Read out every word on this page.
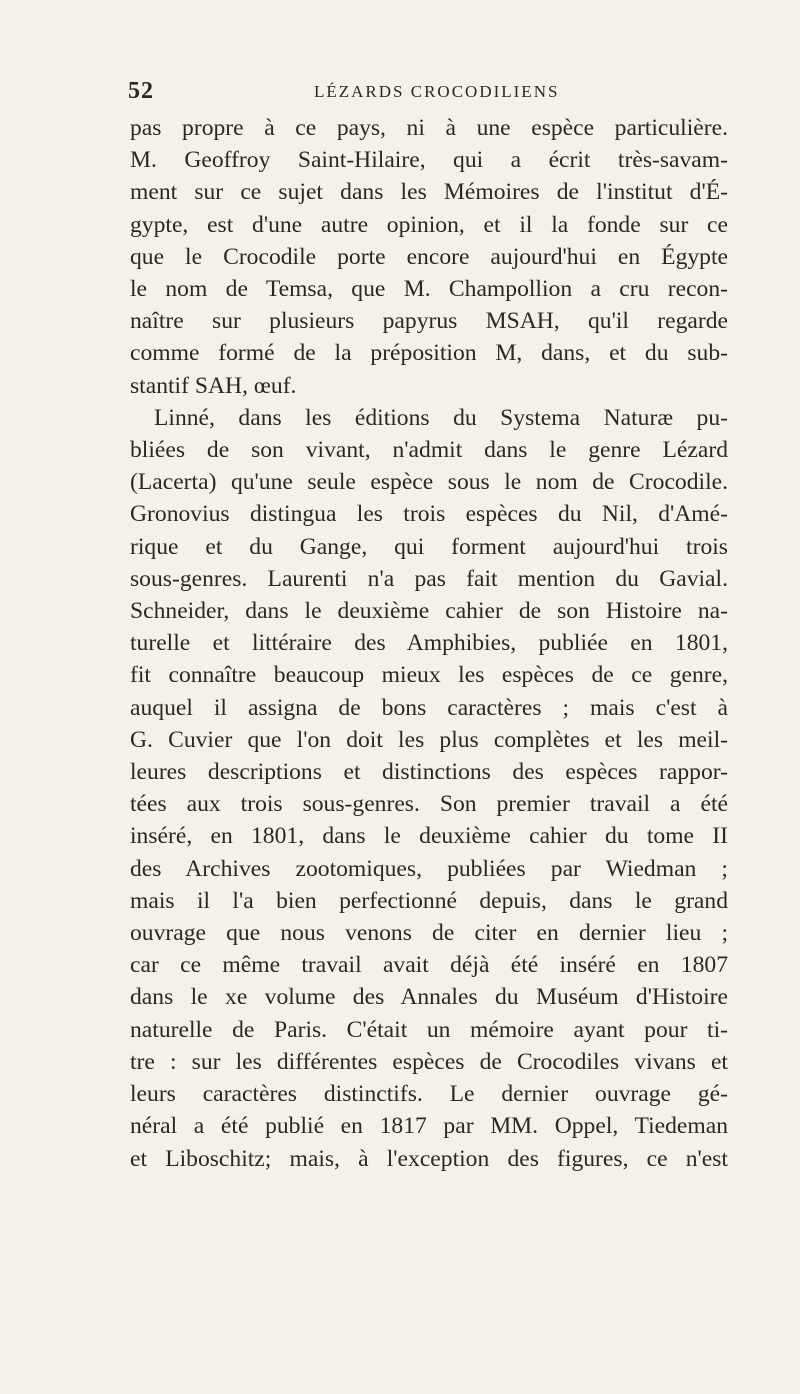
52	LÉZARDS CROCODILIENS

pas propre à ce pays, ni à une espèce particulière.
M. Geoffroy Saint-Hilaire, qui a écrit très-savam-
ment sur ce sujet dans les Mémoires de l'institut d'É-
gypte, est d'une autre opinion, et il la fonde sur ce
que le Crocodile porte encore aujourd'hui en Égypte
le nom de Temsa, que M. Champollion a cru recon-
naître sur plusieurs papyrus MSAH, qu'il regarde
comme formé de la préposition M, dans, et du sub-
stantif SAH, œuf.
Linné, dans les éditions du Systema Naturæ pu-
bliées de son vivant, n'admit dans le genre Lézard
(Lacerta) qu'une seule espèce sous le nom de Crocodile.
Gronovius distingua les trois espèces du Nil, d'Amé-
rique et du Gange, qui forment aujourd'hui trois
sous-genres. Laurenti n'a pas fait mention du Gavial.
Schneider, dans le deuxième cahier de son Histoire na-
turelle et littéraire des Amphibies, publiée en 1801,
fit connaître beaucoup mieux les espèces de ce genre,
auquel il assigna de bons caractères ; mais c'est à
G. Cuvier que l'on doit les plus complètes et les meil-
leures descriptions et distinctions des espèces rappor-
tées aux trois sous-genres. Son premier travail a été
inséré, en 1801, dans le deuxième cahier du tome II
des Archives zootomiques, publiées par Wiedman ;
mais il l'a bien perfectionné depuis, dans le grand
ouvrage que nous venons de citer en dernier lieu ;
car ce même travail avait déjà été inséré en 1807
dans le xe volume des Annales du Muséum d'Histoire
naturelle de Paris. C'était un mémoire ayant pour ti-
tre : sur les différentes espèces de Crocodiles vivans et
leurs caractères distinctifs. Le dernier ouvrage gé-
néral a été publié en 1817 par MM. Oppel, Tiedeman
et Liboschitz; mais, à l'exception des figures, ce n'est
